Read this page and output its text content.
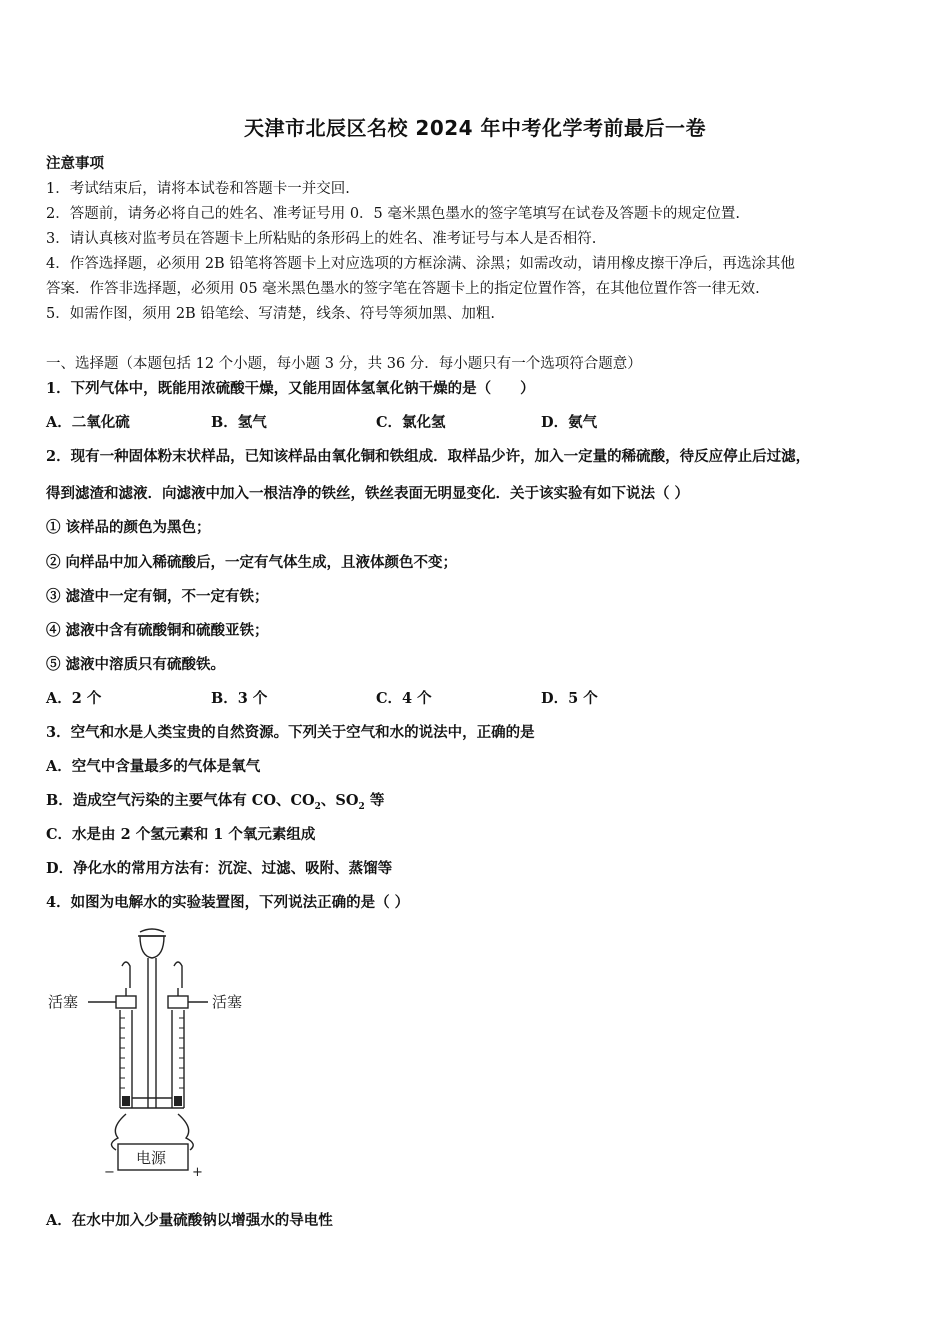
天津市北辰区名校 2024 年中考化学考前最后一卷
注意事项
1．考试结束后，请将本试卷和答题卡一并交回.
2．答题前，请务必将自己的姓名、准考证号用 0．5 毫米黑色墨水的签字笔填写在试卷及答题卡的规定位置.
3．请认真核对监考员在答题卡上所粘贴的条形码上的姓名、准考证号与本人是否相符.
4．作答选择题，必须用 2B 铅笔将答题卡上对应选项的方框涂满、涂黑；如需改动，请用橡皮擦干净后，再选涂其他
答案．作答非选择题，必须用 05 毫米黑色墨水的签字笔在答题卡上的指定位置作答，在其他位置作答一律无效.
5．如需作图，须用 2B 铅笔绘、写清楚，线条、符号等须加黑、加粗.
一、选择题（本题包括 12 个小题，每小题 3 分，共 36 分．每小题只有一个选项符合题意）
1．下列气体中，既能用浓硫酸干燥，又能用固体氢氧化钠干燥的是（　　）
A．二氧化硫	B．氢气	C．氯化氢	D．氨气
2．现有一种固体粉末状样品，已知该样品由氧化铜和铁组成．取样品少许，加入一定量的稀硫酸，待反应停止后过滤，
得到滤渣和滤液．向滤液中加入一根洁净的铁丝，铁丝表面无明显变化．关于该实验有如下说法（ ）
① 该样品的颜色为黑色；
② 向样品中加入稀硫酸后，一定有气体生成，且液体颜色不变；
③ 滤渣中一定有铜，不一定有铁；
④ 滤液中含有硫酸铜和硫酸亚铁；
⑤ 滤液中溶质只有硫酸铁。
A．2 个	B．3 个	C．4 个	D．5 个
3．空气和水是人类宝贵的自然资源。下列关于空气和水的说法中，正确的是
A．空气中含量最多的气体是氧气
B．造成空气污染的主要气体有 CO、$CO_2$、$SO_2$ 等
C．水是由 2 个氢元素和 1 个氧元素组成
D．净化水的常用方法有：沉淀、过滤、吸附、蒸馏等
4．如图为电解水的实验装置图，下列说法正确的是（ ）
活塞	活塞
电源
−	+
A．在水中加入少量硫酸钠以增强水的导电性
